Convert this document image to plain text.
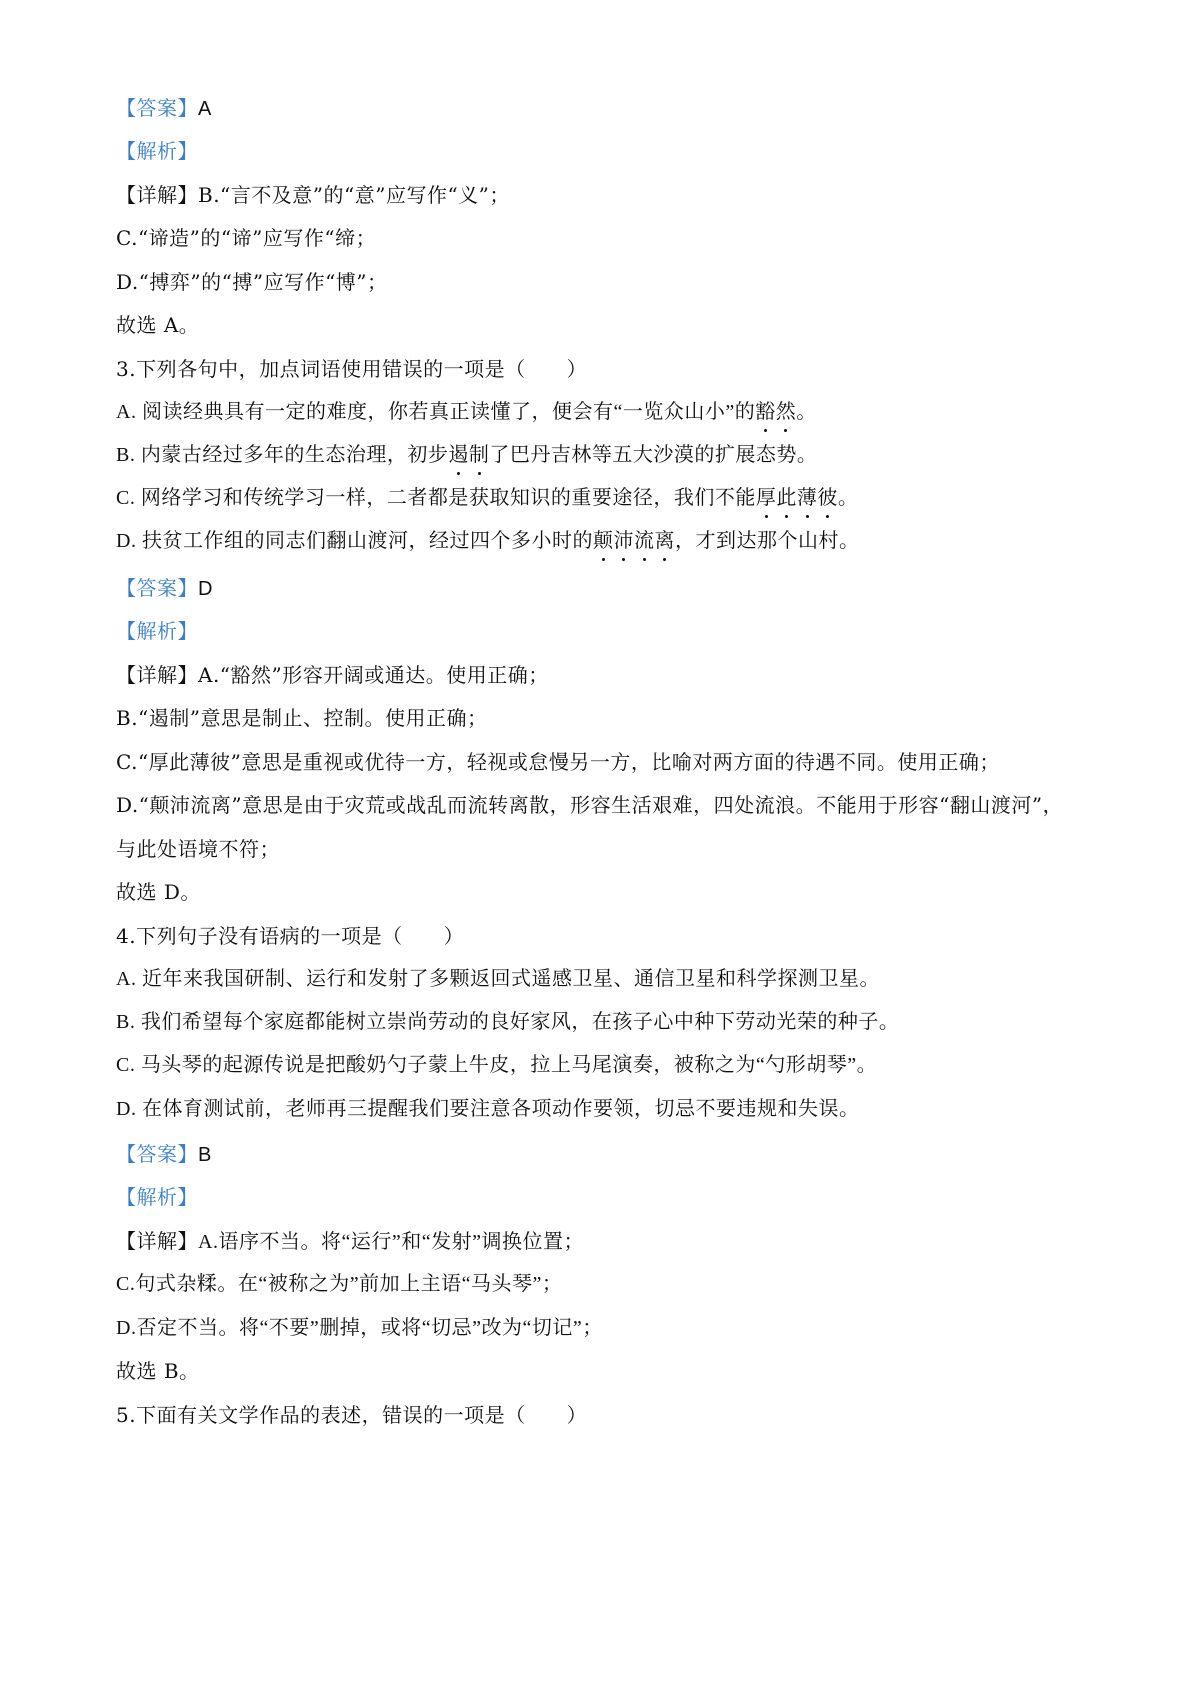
【答案】A
【解析】
【详解】B.“言不及意”的“意”应写作“义”；
C.“谛造”的“谛”应写作“缔；
D.“搏弈”的“搏”应写作“博”；
故选 A。
3.下列各句中，加点词语使用错误的一项是（　　）
A. 阅读经典具有一定的难度，你若真正读懂了，便会有“一览众山小”的豁然。
B. 内蒙古经过多年的生态治理，初步遏制了巴丹吉林等五大沙漠的扩展态势。
C. 网络学习和传统学习一样，二者都是获取知识的重要途径，我们不能厚此薄彼。
D. 扶贫工作组的同志们翻山渡河，经过四个多小时的颠沛流离，才到达那个山村。
【答案】D
【解析】
【详解】A.“豁然”形容开阔或通达。使用正确；
B.“遏制”意思是制止、控制。使用正确；
C.“厚此薄彼”意思是重视或优待一方，轻视或怠慢另一方，比喻对两方面的待遇不同。使用正确；
D.“颠沛流离”意思是由于灾荒或战乱而流转离散，形容生活艰难，四处流浪。不能用于形容“翻山渡河”，
与此处语境不符；
故选 D。
4.下列句子没有语病的一项是（　　）
A. 近年来我国研制、运行和发射了多颗返回式遥感卫星、通信卫星和科学探测卫星。
B. 我们希望每个家庭都能树立崇尚劳动的良好家风，在孩子心中种下劳动光荣的种子。
C. 马头琴的起源传说是把酸奶勺子蒙上牛皮，拉上马尾演奏，被称之为“勺形胡琴”。
D. 在体育测试前，老师再三提醒我们要注意各项动作要领，切忌不要违规和失误。
【答案】B
【解析】
【详解】A.语序不当。将“运行”和“发射”调换位置；
C.句式杂糅。在“被称之为”前加上主语“马头琴”；
D.否定不当。将“不要”删掉，或将“切忌”改为“切记”；
故选 B。
5.下面有关文学作品的表述，错误的一项是（　　）
